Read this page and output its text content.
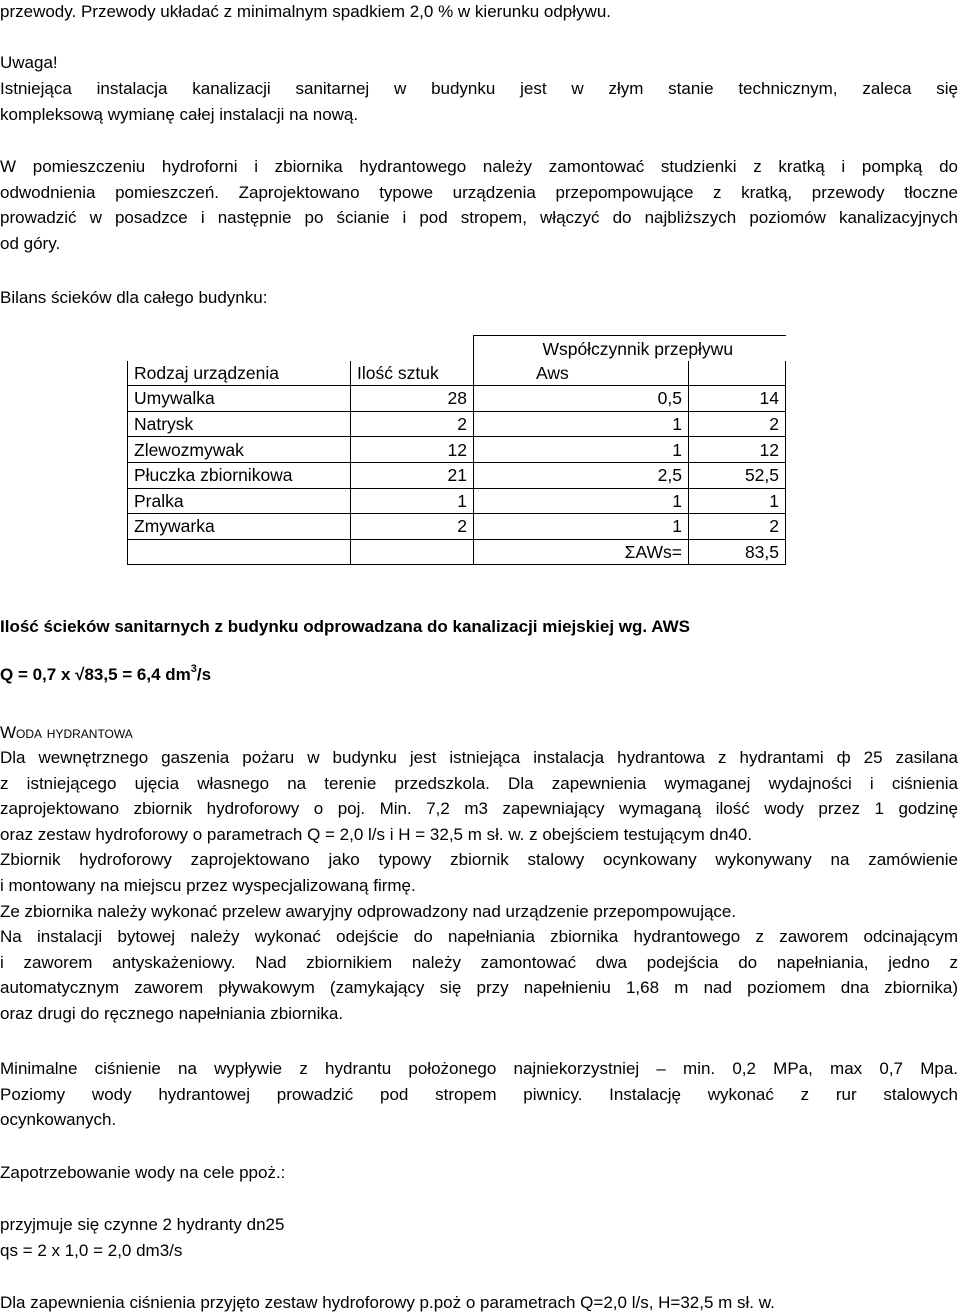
przewody. Przewody układać z minimalnym spadkiem 2,0 % w kierunku odpływu.

Uwaga!

Istniejąca instalacja kanalizacji sanitarnej w budynku jest w złym stanie technicznym, zaleca się
kompleksową wymianę całej instalacji na nową.
W pomieszczeniu hydroforni i zbiornika hydrantowego należy zamontować studzienki z kratką i pompką do
odwodnienia pomieszczeń. Zaprojektowano typowe urządzenia przepompowujące z kratką, przewody tłoczne
prowadzić w posadzce i następnie po ścianie i pod stropem, włączyć do najbliższych poziomów kanalizacyjnych
od góry.

Bilans ścieków dla całego budynku:

		Współczynnik przepływu	
Rodzaj urządzenia	Ilość sztuk	Aws	
Umywalka	28	0,5	14
Natrysk	2	1	2
Zlewozmywak	12	1	12
Płuczka zbiornikowa	21	2,5	52,5
Pralka	1	1	1
Zmywarka	2	1	2
		ΣAWs=	83,5

Ilość ścieków sanitarnych z budynku odprowadzana do kanalizacji miejskiej wg. AWS

Q = 0,7 x √83,5 = 6,4 $dm^3/s$

Woda hydrantowa

Dla wewnętrznego gaszenia pożaru w budynku jest istniejąca instalacja hydrantowa z hydrantami ф 25 zasilana
z istniejącego ujęcia własnego na terenie przedszkola. Dla zapewnienia wymaganej wydajności i ciśnienia
zaprojektowano zbiornik hydroforowy o poj. Min. 7,2 m3 zapewniający wymaganą ilość wody przez 1 godzinę
oraz zestaw hydroforowy o parametrach Q = 2,0 l/s i H = 32,5 m sł. w. z obejściem testującym dn40.
Zbiornik hydroforowy zaprojektowano jako typowy zbiornik stalowy ocynkowany wykonywany na zamówienie
i montowany na miejscu przez wyspecjalizowaną firmę.
Ze zbiornika należy wykonać przelew awaryjny odprowadzony nad urządzenie przepompowujące.
Na instalacji bytowej należy wykonać odejście do napełniania zbiornika hydrantowego z zaworem odcinającym
i zaworem antyskażeniowy. Nad zbiornikiem należy zamontować dwa podejścia do napełniania, jedno z
automatycznym zaworem pływakowym (zamykający się przy napełnieniu 1,68 m nad poziomem dna zbiornika)
oraz drugi do ręcznego napełniania zbiornika.
Minimalne ciśnienie na wypływie z hydrantu położonego najniekorzystniej – min. 0,2 MPa, max 0,7 Mpa.
Poziomy wody hydrantowej prowadzić pod stropem piwnicy. Instalację wykonać z rur stalowych
ocynkowanych.

Zapotrzebowanie wody na cele ppoż.:

przyjmuje się czynne 2 hydranty dn25

qs = 2 x 1,0 = 2,0 dm3/s

Dla zapewnienia ciśnienia przyjęto zestaw hydroforowy p.poż o parametrach Q=2,0 l/s, H=32,5 m sł. w.
